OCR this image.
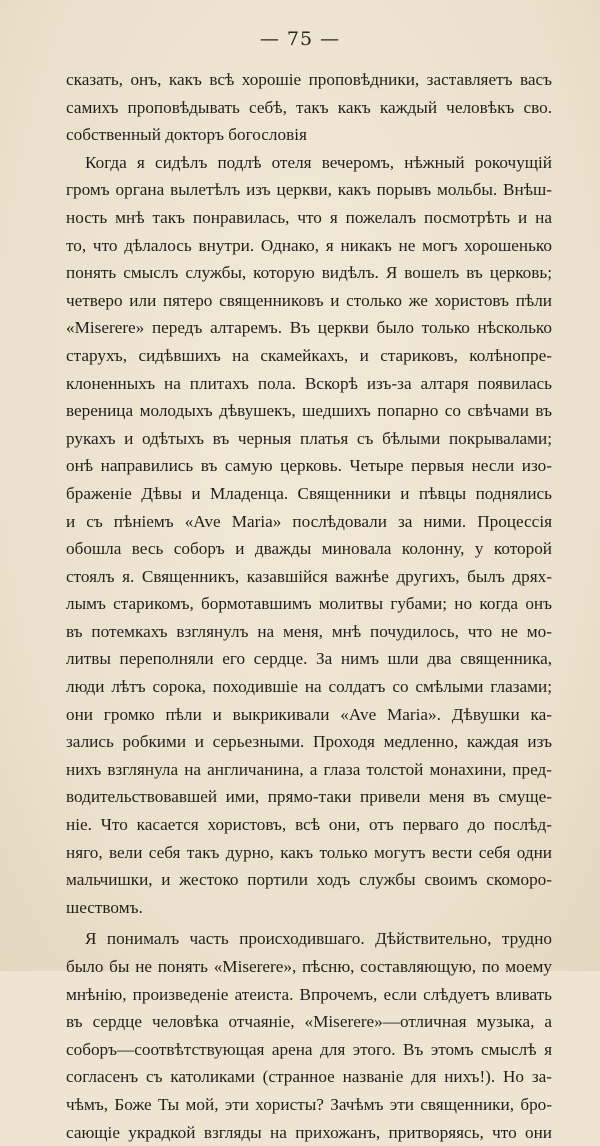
— 75 —
сказать, онъ, какъ всѣ хорошіе проповѣдники, заставляетъ васъ
самихъ проповѣдывать себѣ, такъ какъ каждый человѣкъ сво.
собственный докторъ богословія
Когда я сидѣлъ подлѣ отеля вечеромъ, нѣжный рокочущій
громъ органа вылетѣлъ изъ церкви, какъ порывъ мольбы. Внѣш-
ность мнѣ такъ понравилась, что я пожелалъ посмотрѣть и на
то, что дѣлалось внутри. Однако, я никакъ не могъ хорошенько
понять смыслъ службы, которую видѣлъ. Я вошелъ въ церковь;
четверо или пятеро священниковъ и столько же хористовъ пѣли
«Miserere» передъ алтаремъ. Въ церкви было только нѣсколько
старухъ, сидѣвшихъ на скамейкахъ, и стариковъ, колѣнопре-
клоненныхъ на плитахъ пола. Вскорѣ изъ-за алтаря появилась
вереница молодыхъ дѣвушекъ, шедшихъ попарно со свѣчами въ
рукахъ и одѣтыхъ въ черныя платья съ бѣлыми покрывалами;
онѣ направились въ самую церковь. Четыре первыя несли изо-
браженіе Дѣвы и Младенца. Священники и пѣвцы поднялись
и съ пѣніемъ «Ave Maria» послѣдовали за ними. Процессія
обошла весь соборъ и дважды миновала колонну, у которой
стоялъ я. Священникъ, казавшійся важнѣе другихъ, былъ дрях-
лымъ старикомъ, бормотавшимъ молитвы губами; но когда онъ
въ потемкахъ взглянулъ на меня, мнѣ почудилось, что не мо-
литвы переполняли его сердце. За нимъ шли два священника,
люди лѣтъ сорока, походившіе на солдатъ со смѣлыми глазами;
они громко пѣли и выкрикивали «Ave Maria». Дѣвушки ка-
зались робкими и серьезными. Проходя медленно, каждая изъ
нихъ взглянула на англичанина, а глаза толстой монахини, пред-
водительствовавшей ими, прямо-таки привели меня въ смуще-
ніе. Что касается хористовъ, всѣ они, отъ перваго до послѣд-
няго, вели себя такъ дурно, какъ только могутъ вести себя одни
мальчишки, и жестоко портили ходъ службы своимъ скоморо-
шествомъ.
Я понималъ часть происходившаго. Дѣйствительно, трудно
было бы не понять «Miserere», пѣсню, составляющую, по моему
мнѣнію, произведеніе атеиста. Впрочемъ, если слѣдуетъ вливать
въ сердце человѣка отчаяніе, «Miserere»—отличная музыка, а
соборъ—соотвѣтствующая арена для этого. Въ этомъ смыслѣ я
согласенъ съ католиками (странное названіе для нихъ!). Но за-
чѣмъ, Боже Ты мой, эти хористы? Зачѣмъ эти священники, бро-
сающіе украдкой взгляды на прихожанъ, притворяясь, что они
